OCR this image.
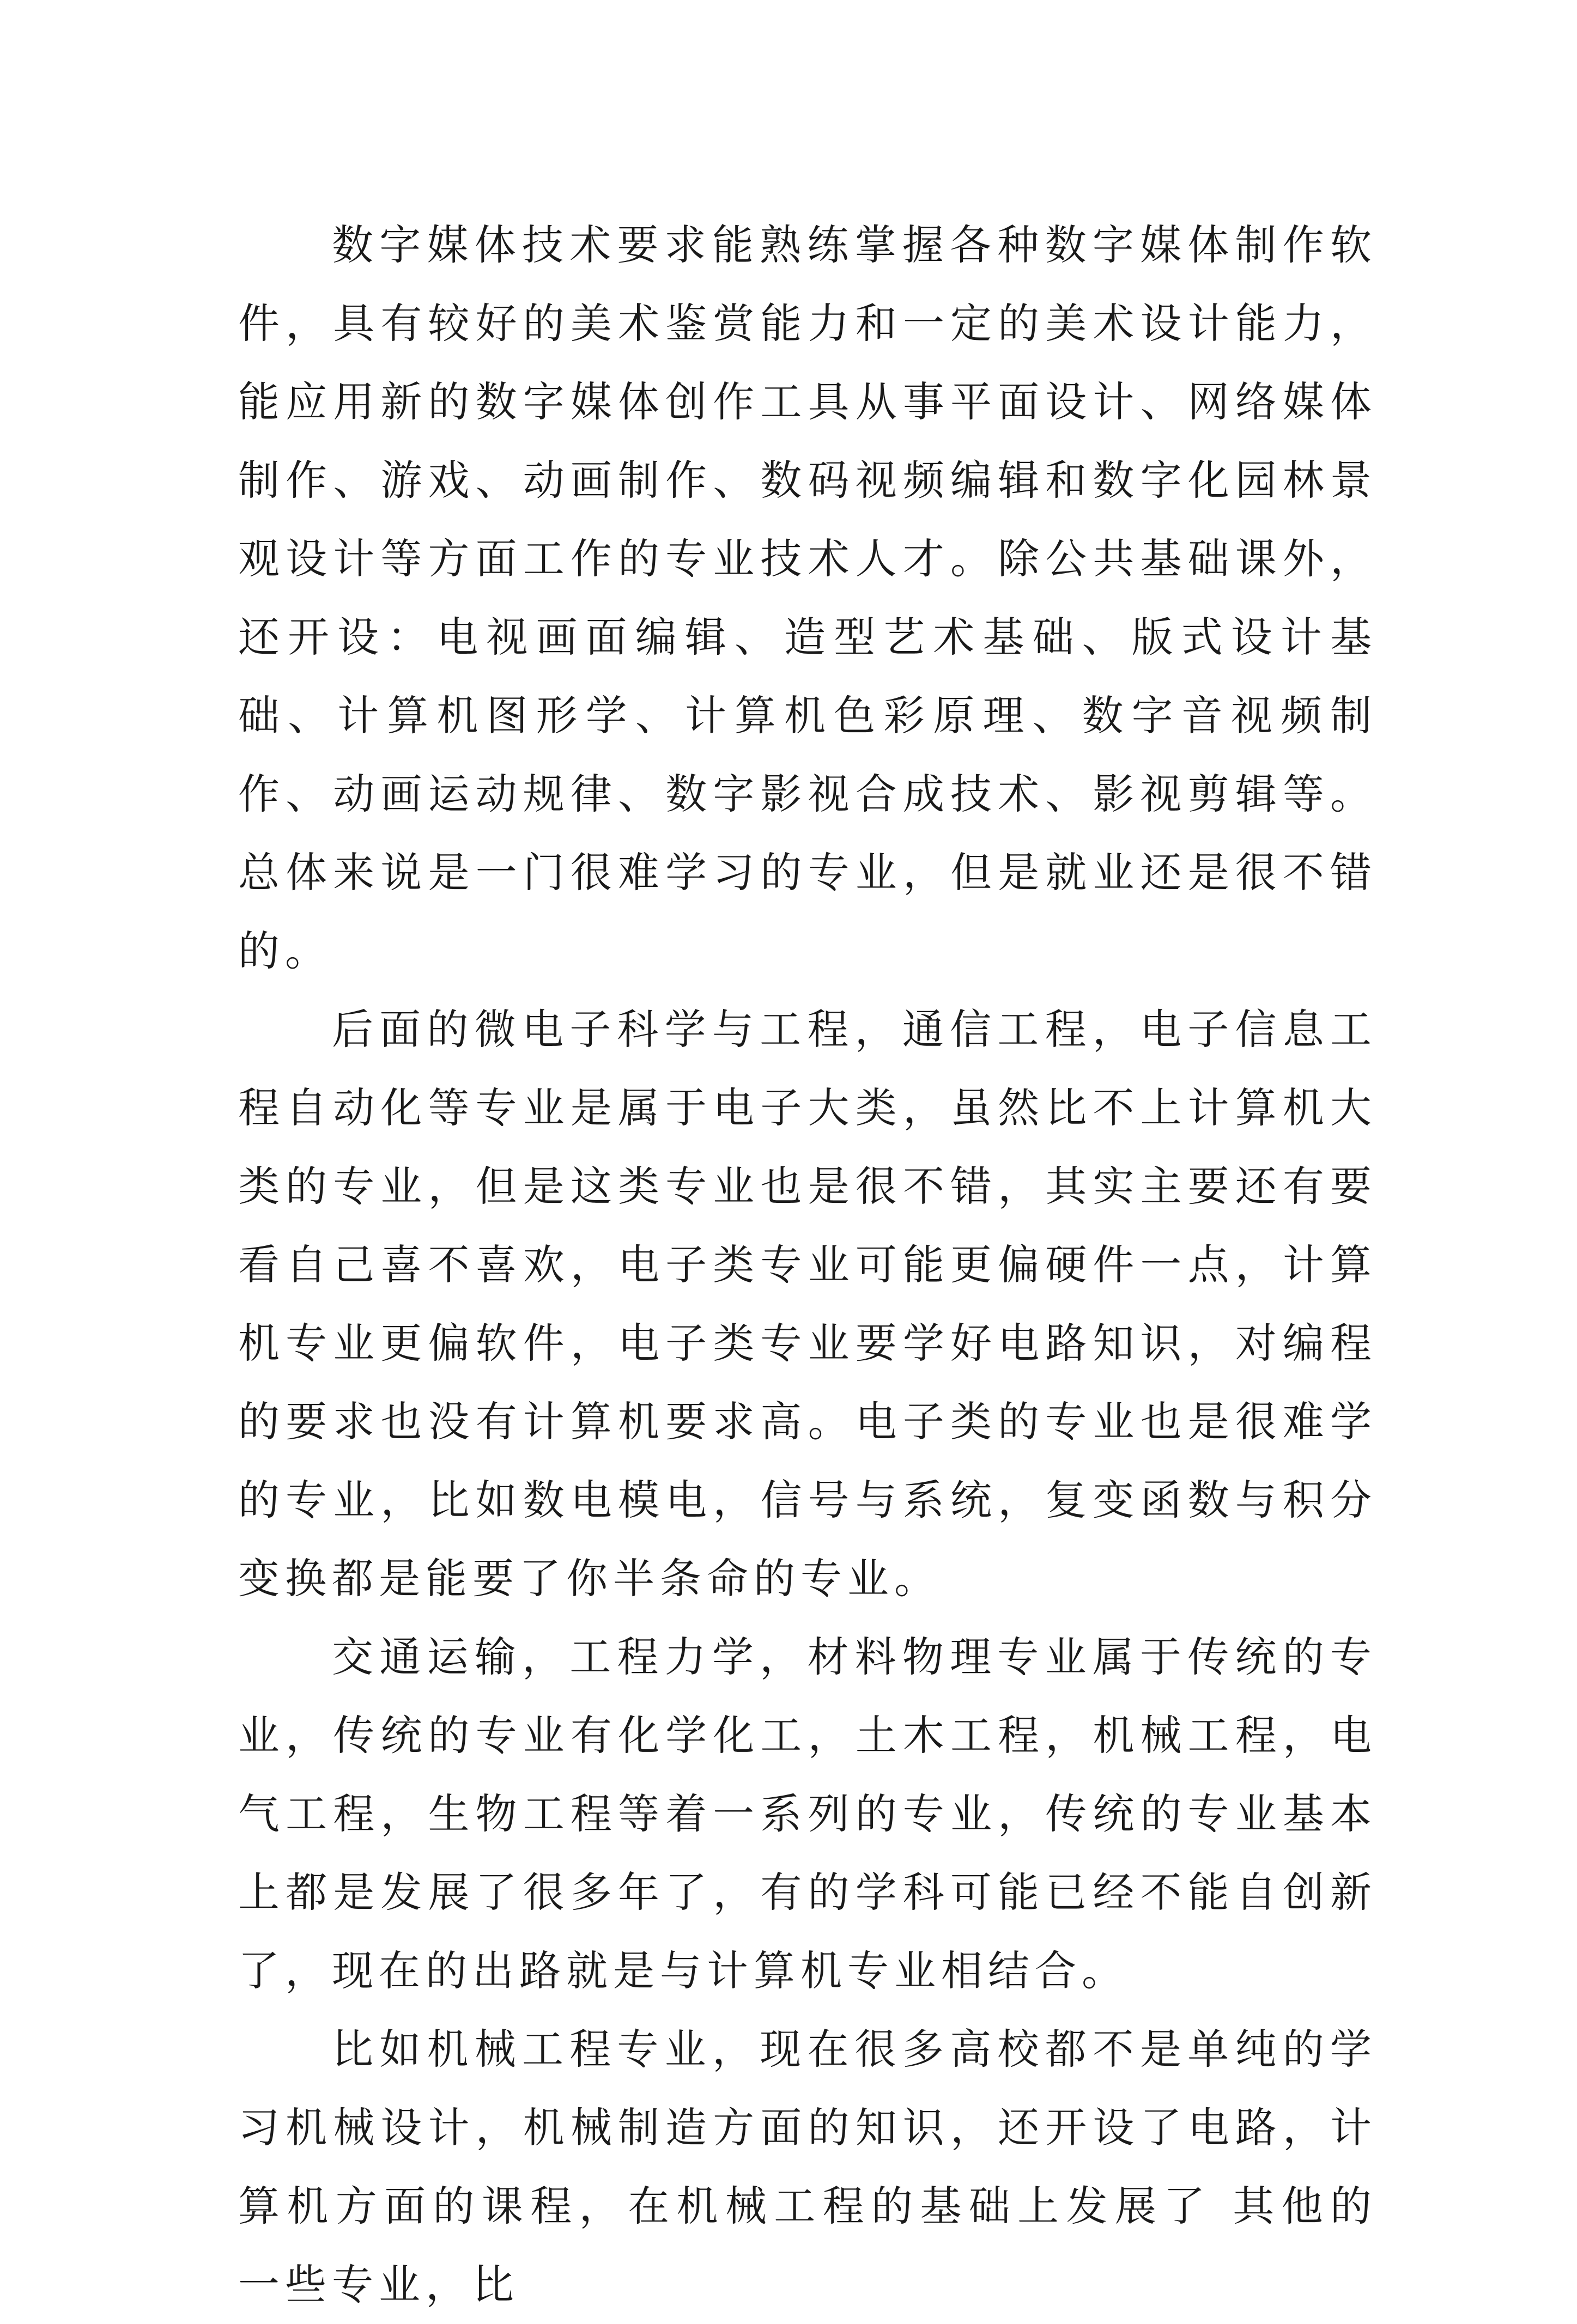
数字媒体技术要求能熟练掌握各种数字媒体制作软件，具有较好的美术鉴赏能力和一定的美术设计能力，能应用新的数字媒体创作工具从事平面设计、网络媒体制作、游戏、动画制作、数码视频编辑和数字化园林景观设计等方面工作的专业技术人才。除公共基础课外，还开设：电视画面编辑、造型艺术基础、版式设计基础、计算机图形学、计算机色彩原理、数字音视频制作、动画运动规律、数字影视合成技术、影视剪辑等。总体来说是一门很难学习的专业，但是就业还是很不错的。

后面的微电子科学与工程，通信工程，电子信息工程自动化等专业是属于电子大类，虽然比不上计算机大类的专业，但是这类专业也是很不错，其实主要还有要看自己喜不喜欢，电子类专业可能更偏硬件一点，计算机专业更偏软件，电子类专业要学好电路知识，对编程的要求也没有计算机要求高。电子类的专业也是很难学的专业，比如数电模电，信号与系统，复变函数与积分变换都是能要了你半条命的专业。

交通运输，工程力学，材料物理专业属于传统的专业，传统的专业有化学化工，土木工程，机械工程，电气工程，生物工程等着一系列的专业，传统的专业基本上都是发展了很多年了，有的学科可能已经不能自创新了，现在的出路就是与计算机专业相结合。

比如机械工程专业，现在很多高校都不是单纯的学习机械设计，机械制造方面的知识，还开设了电路，计算机方面的课程，在机械工程的基础上发展了 其他的一些专业，比
